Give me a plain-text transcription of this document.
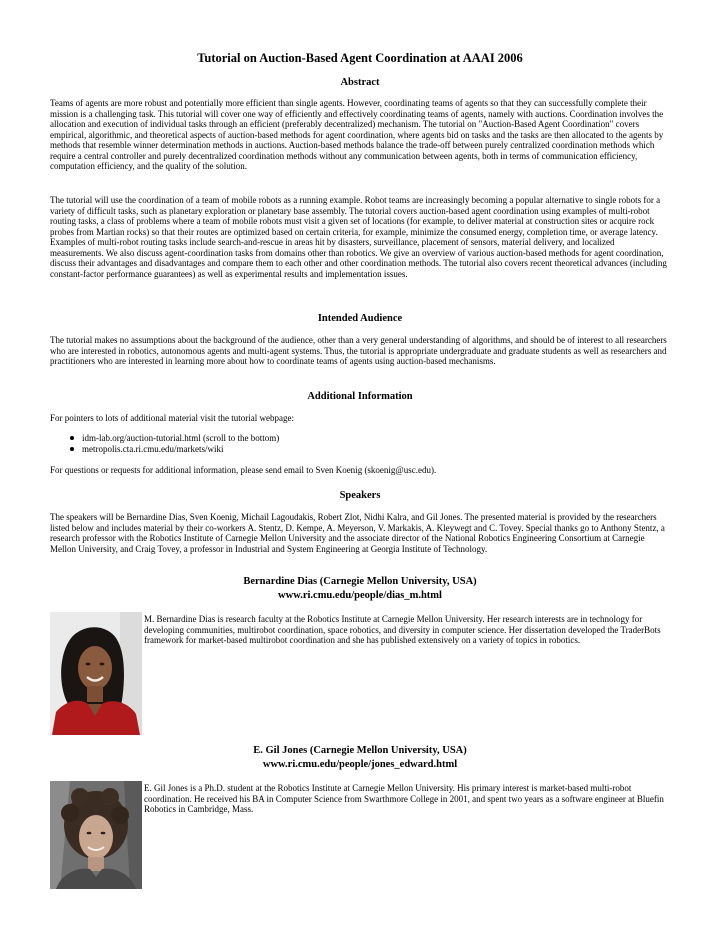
Tutorial on Auction-Based Agent Coordination at AAAI 2006
Abstract

Teams of agents are more robust and potentially more efficient than single agents. However, coordinating teams of agents so that they can successfully complete their mission is a challenging task. This tutorial will cover one way of efficiently and effectively coordinating teams of agents, namely with auctions. Coordination involves the allocation and execution of individual tasks through an efficient (preferably decentralized) mechanism. The tutorial on "Auction-Based Agent Coordination" covers empirical, algorithmic, and theoretical aspects of auction-based methods for agent coordination, where agents bid on tasks and the tasks are then allocated to the agents by methods that resemble winner determination methods in auctions. Auction-based methods balance the trade-off between purely centralized coordination methods which require a central controller and purely decentralized coordination methods without any communication between agents, both in terms of communication efficiency, computation efficiency, and the quality of the solution.

The tutorial will use the coordination of a team of mobile robots as a running example. Robot teams are increasingly becoming a popular alternative to single robots for a variety of difficult tasks, such as planetary exploration or planetary base assembly. The tutorial covers auction-based agent coordination using examples of multi-robot routing tasks, a class of problems where a team of mobile robots must visit a given set of locations (for example, to deliver material at construction sites or acquire rock probes from Martian rocks) so that their routes are optimized based on certain criteria, for example, minimize the consumed energy, completion time, or average latency. Examples of multi-robot routing tasks include search-and-rescue in areas hit by disasters, surveillance, placement of sensors, material delivery, and localized measurements. We also discuss agent-coordination tasks from domains other than robotics. We give an overview of various auction-based methods for agent coordination, discuss their advantages and disadvantages and compare them to each other and other coordination methods. The tutorial also covers recent theoretical advances (including constant-factor performance guarantees) as well as experimental results and implementation issues.

Intended Audience

The tutorial makes no assumptions about the background of the audience, other than a very general understanding of algorithms, and should be of interest to all researchers who are interested in robotics, autonomous agents and multi-agent systems. Thus, the tutorial is appropriate undergraduate and graduate students as well as researchers and practitioners who are interested in learning more about how to coordinate teams of agents using auction-based mechanisms.

Additional Information

For pointers to lots of additional material visit the tutorial webpage:

idm-lab.org/auction-tutorial.html (scroll to the bottom)
metropolis.cta.ri.cmu.edu/markets/wiki

For questions or requests for additional information, please send email to Sven Koenig (skoenig@usc.edu).

Speakers

The speakers will be Bernardine Dias, Sven Koenig, Michail Lagoudakis, Robert Zlot, Nidhi Kalra, and Gil Jones. The presented material is provided by the researchers listed below and includes material by their co-workers A. Stentz, D. Kempe, A. Meyerson, V. Markakis, A. Kleywegt and C. Tovey. Special thanks go to Anthony Stentz, a research professor with the Robotics Institute of Carnegie Mellon University and the associate director of the National Robotics Engineering Consortium at Carnegie Mellon University, and Craig Tovey, a professor in Industrial and System Engineering at Georgia Institute of Technology.

Bernardine Dias (Carnegie Mellon University, USA)
www.ri.cmu.edu/people/dias_m.html

M. Bernardine Dias is research faculty at the Robotics Institute at Carnegie Mellon University. Her research interests are in technology for developing communities, multirobot coordination, space robotics, and diversity in computer science. Her dissertation developed the TraderBots framework for market-based multirobot coordination and she has published extensively on a variety of topics in robotics.

E. Gil Jones (Carnegie Mellon University, USA)
www.ri.cmu.edu/people/jones_edward.html

E. Gil Jones is a Ph.D. student at the Robotics Institute at Carnegie Mellon University. His primary interest is market-based multi-robot coordination. He received his BA in Computer Science from Swarthmore College in 2001, and spent two years as a software engineer at Bluefin Robotics in Cambridge, Mass.
